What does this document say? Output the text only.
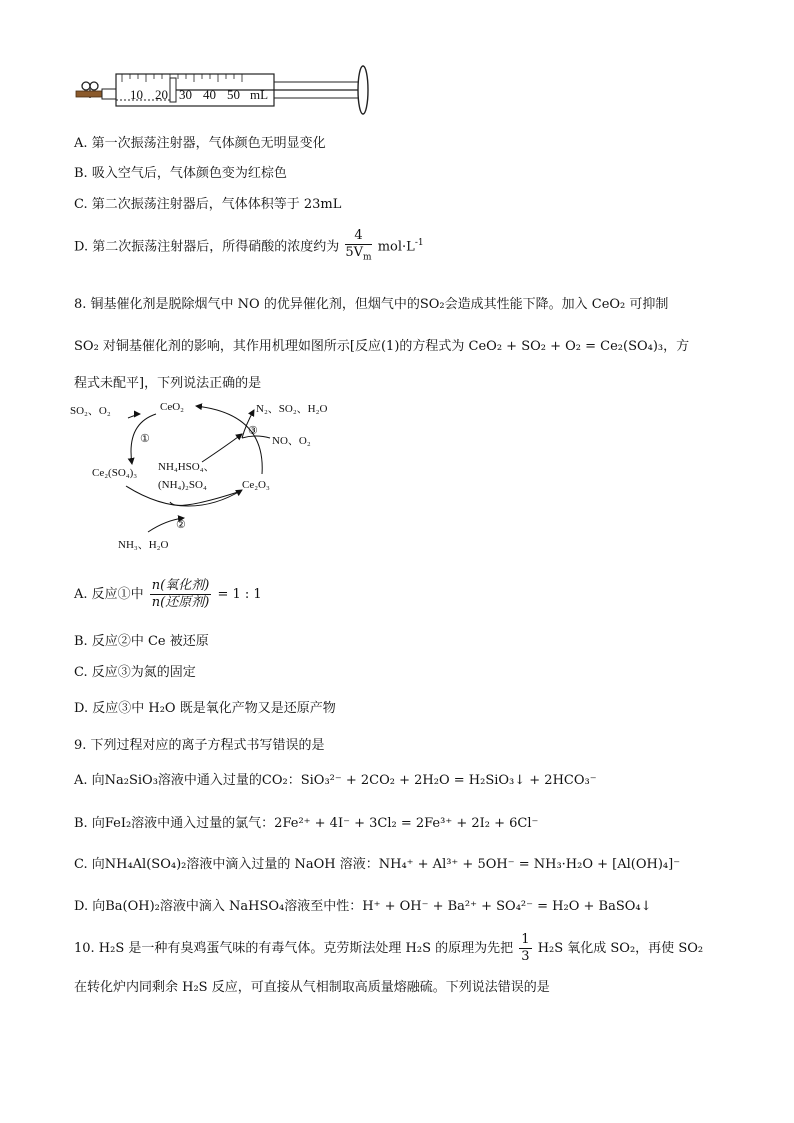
10 20 30 40 50 mL
A. 第一次振荡注射器，气体颜色无明显变化
B. 吸入空气后，气体颜色变为红棕色
C. 第二次振荡注射器后，气体体积等于 23mL
D. 第二次振荡注射器后，所得硝酸的浓度约为 $\frac{4}{5V_m} mol\cdot L^{-1}$
8. 铜基催化剂是脱除烟气中 NO 的优异催化剂，但烟气中的SO₂会造成其性能下降。加入 CeO₂ 可抑制
SO₂ 对铜基催化剂的影响，其作用机理如图所示[反应(1)的方程式为 CeO₂ + SO₂ + O₂ = Ce₂(SO₄)₃，方
程式未配平]，下列说法正确的是
SO₂、O₂	CeO₂	N₂、SO₂、H₂O
NO、O₂
Ce₂(SO₄)₃ NH₄HSO₄、
(NH₄)₂SO₄	Ce₂O₃
NH₃、H₂O
①
②
③
A. 反应①中 $\frac{\text{n(氧化剂)}}{\text{n(还原剂)}} = 1$ : 1
B. 反应②中 Ce 被还原
C. 反应③为氮的固定
D. 反应③中 H₂O 既是氧化产物又是还原产物
9. 下列过程对应的离子方程式书写错误的是
A. 向Na₂SiO₃溶液中通入过量的CO₂：SiO₃²⁻ + 2CO₂ + 2H₂O = H₂SiO₃↓ + 2HCO₃⁻
B. 向FeI₂溶液中通入过量的氯气：2Fe²⁺ + 4I⁻ + 3Cl₂ = 2Fe³⁺ + 2I₂ + 6Cl⁻
C. 向NH₄Al(SO₄)₂溶液中滴入过量的 NaOH 溶液：NH₄⁺ + Al³⁺ + 5OH⁻ = NH₃·H₂O + [Al(OH)₄]⁻
D. 向Ba(OH)₂溶液中滴入 NaHSO₄溶液至中性：H⁺ + OH⁻ + Ba²⁺ + SO₄²⁻ = H₂O + BaSO₄↓
10. H₂S 是一种有臭鸡蛋气味的有毒气体。克劳斯法处理 H₂S 的原理为先把 $\frac{1}{3} H_2S$ 氧化成 SO₂，再使 SO₂
在转化炉内同剩余 H₂S 反应，可直接从气相制取高质量熔融硫。下列说法错误的是
